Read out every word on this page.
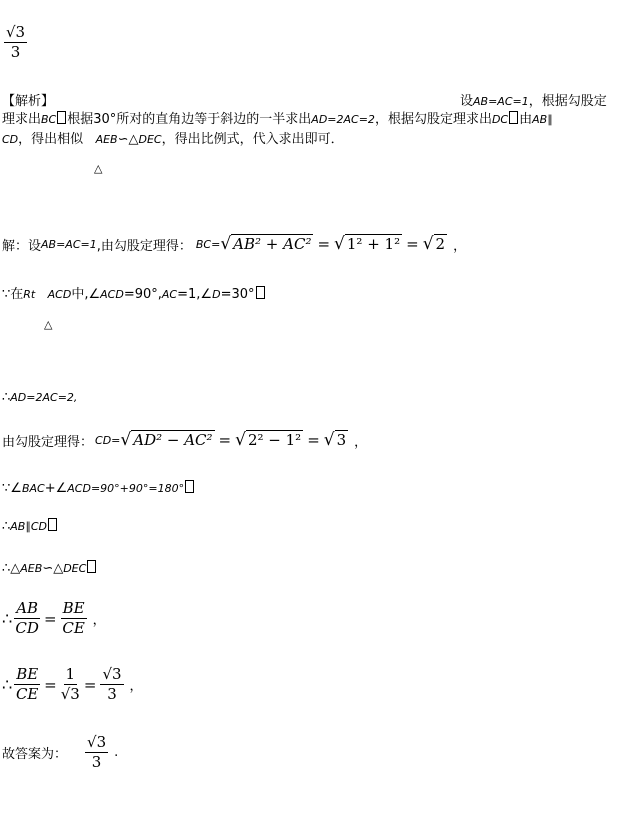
$\frac{√3}{3}$
【解析】	设AB=AC=1，根据勾股定
理求出BC 根据30°所对的直角边等于斜边的一半求出AD=2AC=2，根据勾股定理求出DC 由AB∥
CD，得出相似 AEB∽△DEC，得出比例式，代入求出即可．
△
解：设 AB=AC=1 ,由勾股定理得： BC= √ AB² + AC² = √ 1² + 1² = √ 2 ，
∵在Rt ACD中,∠ACD=90°,AC=1,∠D=30°
△
∴AD=2AC=2,
由勾股定理得： CD= √ AD² − AC² = √ 2² − 1² = √ 3 ，
∵∠BAC+∠ACD=90°+90°=180°
∴AB∥CD
∴△AEB∽△DEC
∴ $\frac{AB}{CD} = \frac{BE}{CE}$ ，
∴ $\frac{BE}{CE} = \frac{1}{√3} = \frac{√3}{3}$ ，
故答案为： $\frac{√3}{3}$ .
